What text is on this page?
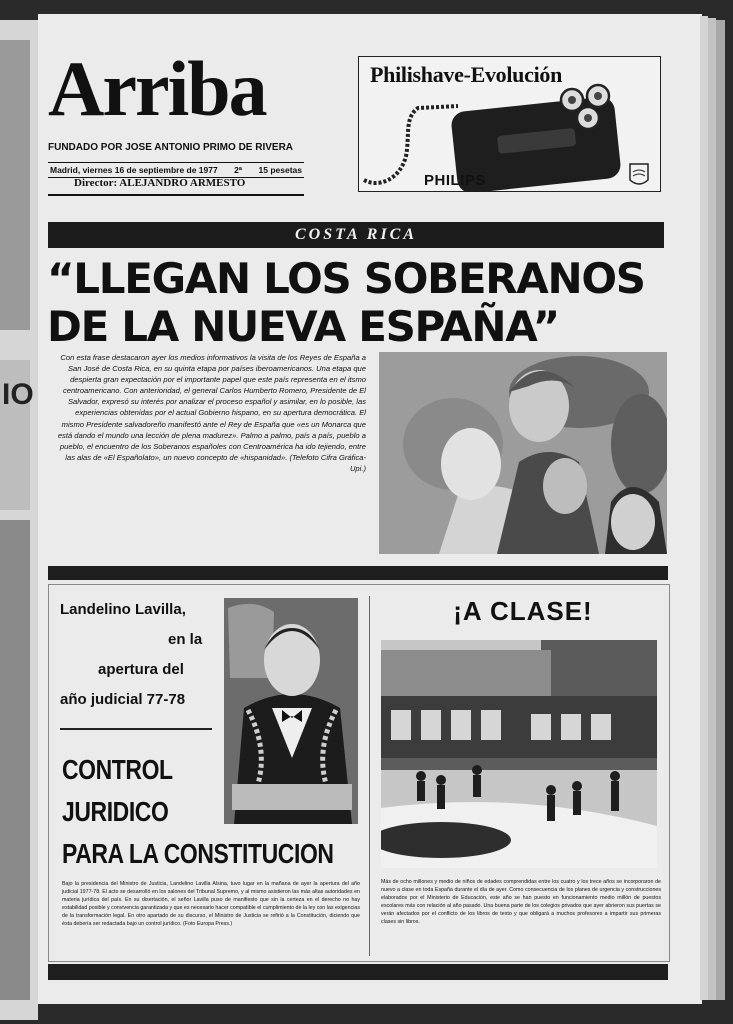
IO
Arriba
FUNDADO POR JOSE ANTONIO PRIMO DE RIVERA
Madrid, viernes 16 de septiembre de 1977 2ª 15 pesetas
Director: ALEJANDRO ARMESTO
Philishave-Evolución
PHILIPS
COSTA RICA
“LLEGAN LOS SOBERANOS
DE LA NUEVA ESPAÑA”
Con esta frase destacaron ayer los medios informativos la visita de los Reyes de España a San José de Costa Rica, en su quinta etapa por países iberoamericanos. Una etapa que despierta gran expectación por el importante papel que este país representa en el itsmo centroamericano. Con anterioridad, el general Carlos Humberto Romero, Presidente de El Salvador, expresó su interés por analizar el proceso español y asimilar, en lo posible, las experiencias obtenidas por el actual Gobierno hispano, en su apertura democrática. El mismo Presidente salvadoreño manifestó ante el Rey de España que «es un Monarca que está dando el mundo una lección de plena madurez». Palmo a palmo, país a país, pueblo a pueblo, el encuentro de los Soberanos españoles con Centroamérica ha ido tejiendo, entre las alas de «El Españolato», un nuevo concepto de «hispanidad». (Telefoto Cifra Gráfica-Upi.)
Landelino Lavilla,
en la
apertura del
año judicial 77-78
CONTROL
JURIDICO
PARA LA CONSTITUCION
Bajo la presidencia del Ministro de Justicia, Landelino Lavilla Alsina, tuvo lugar en la mañana de ayer la apertura del año judicial 1977-78. El acto se desarrolló en los salones del Tribunal Supremo, y al mismo asistieron las más altas autoridades en materia jurídica del país. En su disertación, el señor Lavilla puso de manifiesto que sin la certeza en el derecho no hay estabilidad posible y convivencia garantizada y que es necesario hacer compatible el cumplimiento de la ley con las exigencias de la transformación legal. En otro apartado de su discurso, el Ministro de Justicia se refirió a la Constitución, diciendo que ésta debería ser redactada bajo un control jurídico. (Foto Europa Press.)
¡A CLASE!
Más de ocho millones y medio de niños de edades comprendidas entre los cuatro y los trece años se incorporaron de nuevo a clase en toda España durante el día de ayer. Como consecuencia de los planes de urgencia y construcciones elaborados por el Ministerio de Educación, este año se han puesto en funcionamiento medio millón de puestos escolares más con relación al año pasado. Una buena parte de los colegios privados que ayer abrieron sus puertas se verán afectados por el conflicto de los libros de texto y que obligará a muchos profesores a impartir sus primeras clases sin libros.
